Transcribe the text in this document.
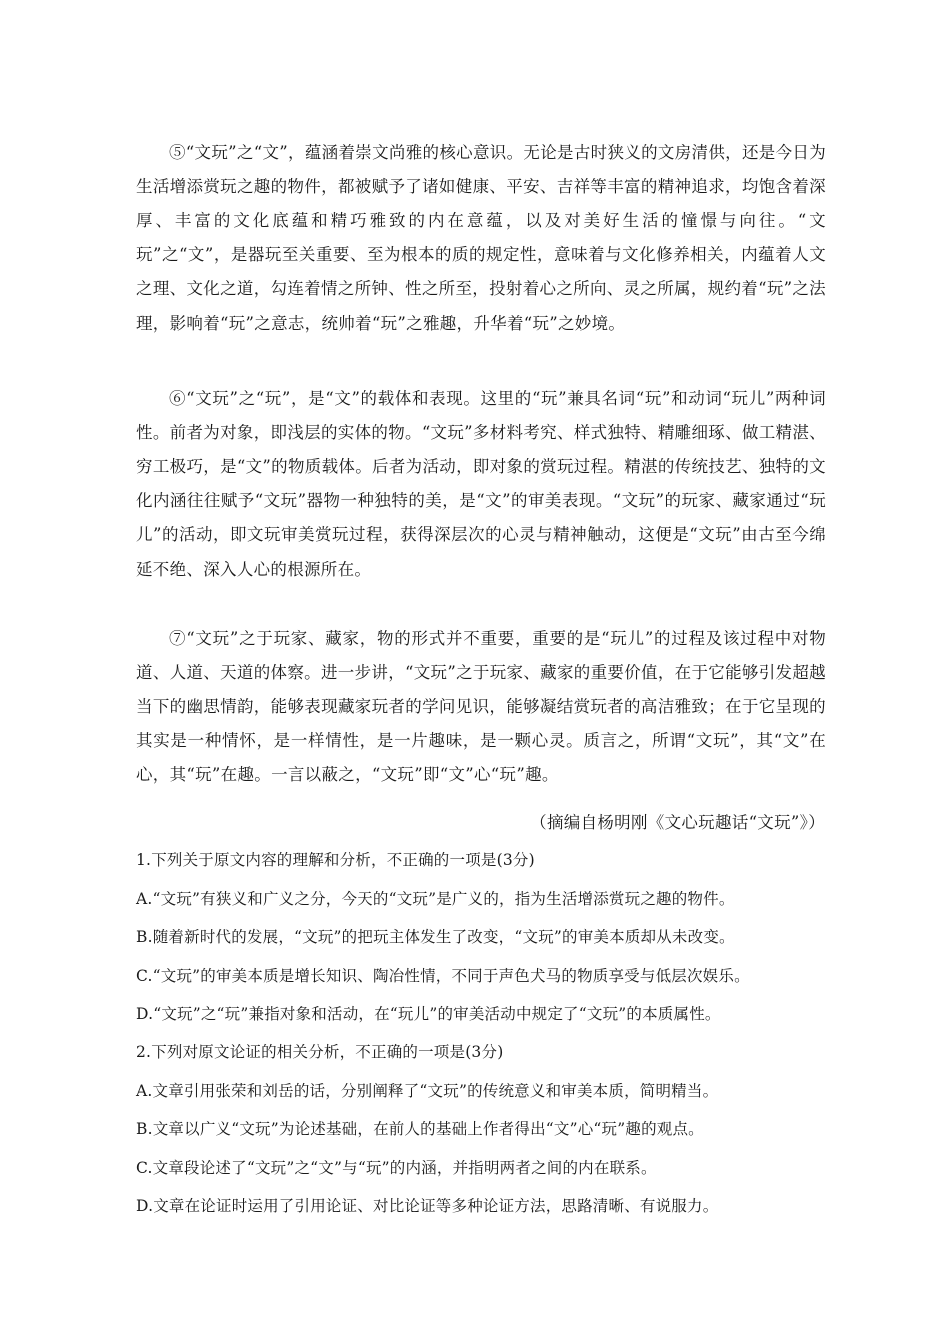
⑤“文玩”之“文”，蕴涵着崇文尚雅的核心意识。无论是古时狭义的文房清供，还是今日为生活增添赏玩之趣的物件，都被赋予了诸如健康、平安、吉祥等丰富的精神追求，均饱含着深厚、丰富的文化底蕴和精巧雅致的内在意蕴，以及对美好生活的憧憬与向往。“文玩”之“文”，是器玩至关重要、至为根本的质的规定性，意味着与文化修养相关，内蕴着人文之理、文化之道，勾连着情之所钟、性之所至，投射着心之所向、灵之所属，规约着“玩”之法理，影响着“玩”之意志，统帅着“玩”之雅趣，升华着“玩”之妙境。

⑥“文玩”之“玩”，是“文”的载体和表现。这里的“玩”兼具名词“玩”和动词“玩儿”两种词性。前者为对象，即浅层的实体的物。“文玩”多材料考究、样式独特、精雕细琢、做工精湛、穷工极巧，是“文”的物质载体。后者为活动，即对象的赏玩过程。精湛的传统技艺、独特的文化内涵往往赋予“文玩”器物一种独特的美，是“文”的审美表现。“文玩”的玩家、藏家通过“玩儿”的活动，即文玩审美赏玩过程，获得深层次的心灵与精神触动，这便是“文玩”由古至今绵延不绝、深入人心的根源所在。

⑦“文玩”之于玩家、藏家，物的形式并不重要，重要的是“玩儿”的过程及该过程中对物道、人道、天道的体察。进一步讲，“文玩”之于玩家、藏家的重要价值，在于它能够引发超越当下的幽思情韵，能够表现藏家玩者的学问见识，能够凝结赏玩者的高洁雅致；在于它呈现的其实是一种情怀，是一样情性，是一片趣味，是一颗心灵。质言之，所谓“文玩”，其“文”在心，其“玩”在趣。一言以蔽之，“文玩”即“文”心“玩”趣。

（摘编自杨明刚《文心玩趣话“文玩”》）
1.下列关于原文内容的理解和分析，不正确的一项是(3分)
A.“文玩”有狭义和广义之分，今天的“文玩”是广义的，指为生活增添赏玩之趣的物件。
B.随着新时代的发展，“文玩”的把玩主体发生了改变，“文玩”的审美本质却从未改变。
C.“文玩”的审美本质是增长知识、陶冶性情，不同于声色犬马的物质享受与低层次娱乐。
D.“文玩”之“玩”兼指对象和活动，在“玩儿”的审美活动中规定了“文玩”的本质属性。
2.下列对原文论证的相关分析，不正确的一项是(3分)
A.文章引用张荣和刘岳的话，分别阐释了“文玩”的传统意义和审美本质，简明精当。
B.文章以广义“文玩”为论述基础，在前人的基础上作者得出“文”心“玩”趣的观点。
C.文章段论述了“文玩”之“文”与“玩”的内涵，并指明两者之间的内在联系。
D.文章在论证时运用了引用论证、对比论证等多种论证方法，思路清晰、有说服力。
